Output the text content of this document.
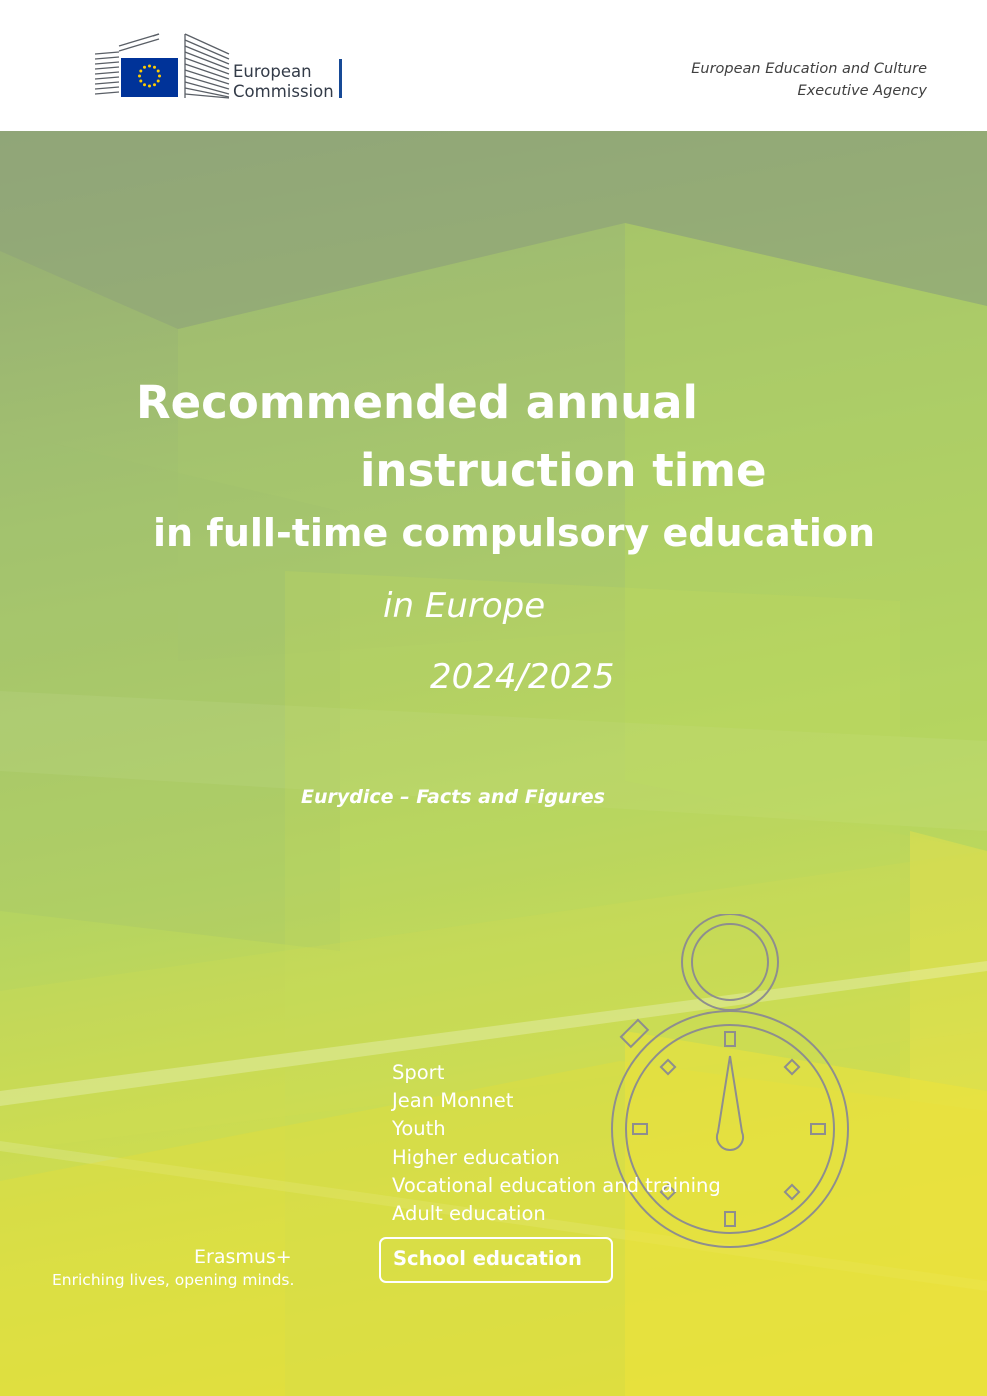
European
Commission
European Education and Culture
Executive Agency
Recommended annual
instruction time
in full-time compulsory education
in Europe
2024/2025
Eurydice – Facts and Figures
Sport
Jean Monnet
Youth
Higher education
Vocational education and training
Adult education
School education
Erasmus+
Enriching lives, opening minds.
